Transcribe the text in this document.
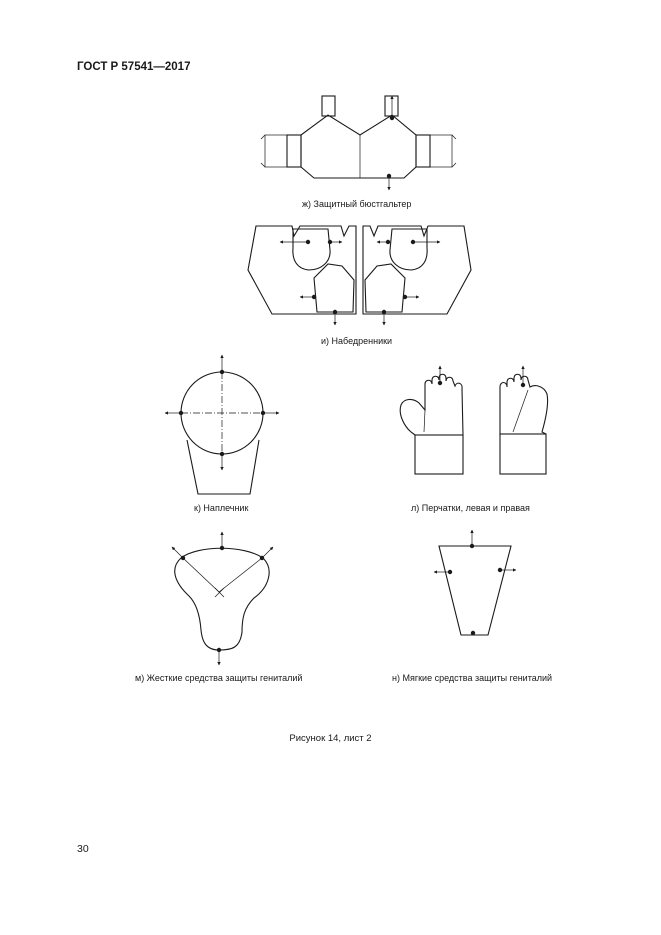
ГОСТ Р 57541—2017
ж) Защитный бюстгальтер
и) Набедренники
к) Наплечник	л) Перчатки, левая и правая
м) Жесткие средства защиты гениталий	н) Мягкие средства защиты гениталий
Рисунок 14, лист 2
30
